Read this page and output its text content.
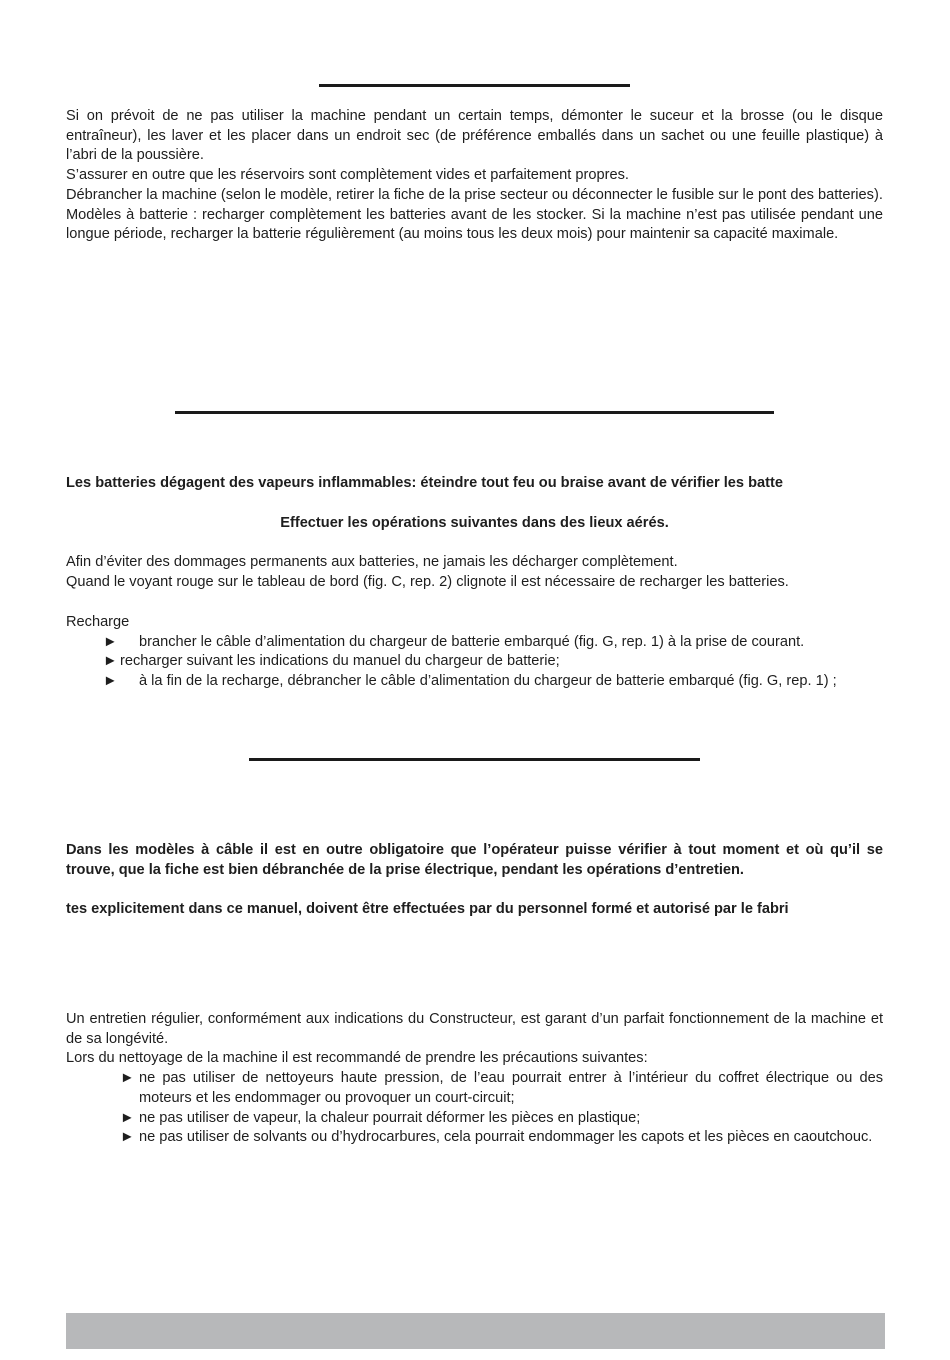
Si on prévoit de ne pas utiliser la machine pendant un certain temps, démonter le suceur et la brosse (ou le disque entraîneur), les laver et les placer dans un endroit sec (de préférence emballés dans un sachet ou une feuille plastique) à l’abri de la poussière.

S’assurer en outre que les réservoirs sont complètement vides et parfaitement propres.

Débrancher la machine (selon le modèle, retirer la fiche de la prise secteur ou déconnecter le fusible sur le pont des batteries).

Modèles à batterie : recharger complètement les batteries avant de les stocker. Si la machine n’est pas utilisée pendant une longue période, recharger la batterie régulièrement (au moins tous les deux mois) pour maintenir sa capacité maximale.

Les batteries dégagent des vapeurs inflammables: éteindre tout feu ou braise avant de vérifier les batte

Effectuer les opérations suivantes dans des lieux aérés.

Afin d’éviter des dommages permanents aux batteries, ne jamais les décharger complètement.

Quand le voyant rouge sur le tableau de bord (fig. C, rep. 2) clignote il est nécessaire de recharger les batteries.

Recharge

► brancher le câble d’alimentation du chargeur de batterie embarqué (fig. G, rep. 1) à la prise de courant.
► recharger suivant les indications du manuel du chargeur de batterie;
► à la fin de la recharge, débrancher le câble d’alimentation du chargeur de batterie embarqué (fig. G, rep. 1) ;

Dans les modèles à câble il est en outre obligatoire que l’opérateur puisse vérifier à tout moment et où qu’il se trouve, que la fiche est bien débranchée de la prise électrique, pendant les opérations d’entretien.

tes explicitement dans ce manuel, doivent être effectuées par du personnel formé et autorisé par le fabri

Un entretien régulier, conformément aux indications du Constructeur, est garant d’un parfait fonctionnement de la machine et de sa longévité.

Lors du nettoyage de la machine il est recommandé de prendre les précautions suivantes:

► ne pas utiliser de nettoyeurs haute pression, de l’eau pourrait entrer à l’intérieur du coffret électrique ou des moteurs et les endommager ou provoquer un court-circuit;
► ne pas utiliser de vapeur, la chaleur pourrait déformer les pièces en plastique;
► ne pas utiliser de solvants ou d’hydrocarbures, cela pourrait endommager les capots et les pièces en caoutchouc.
